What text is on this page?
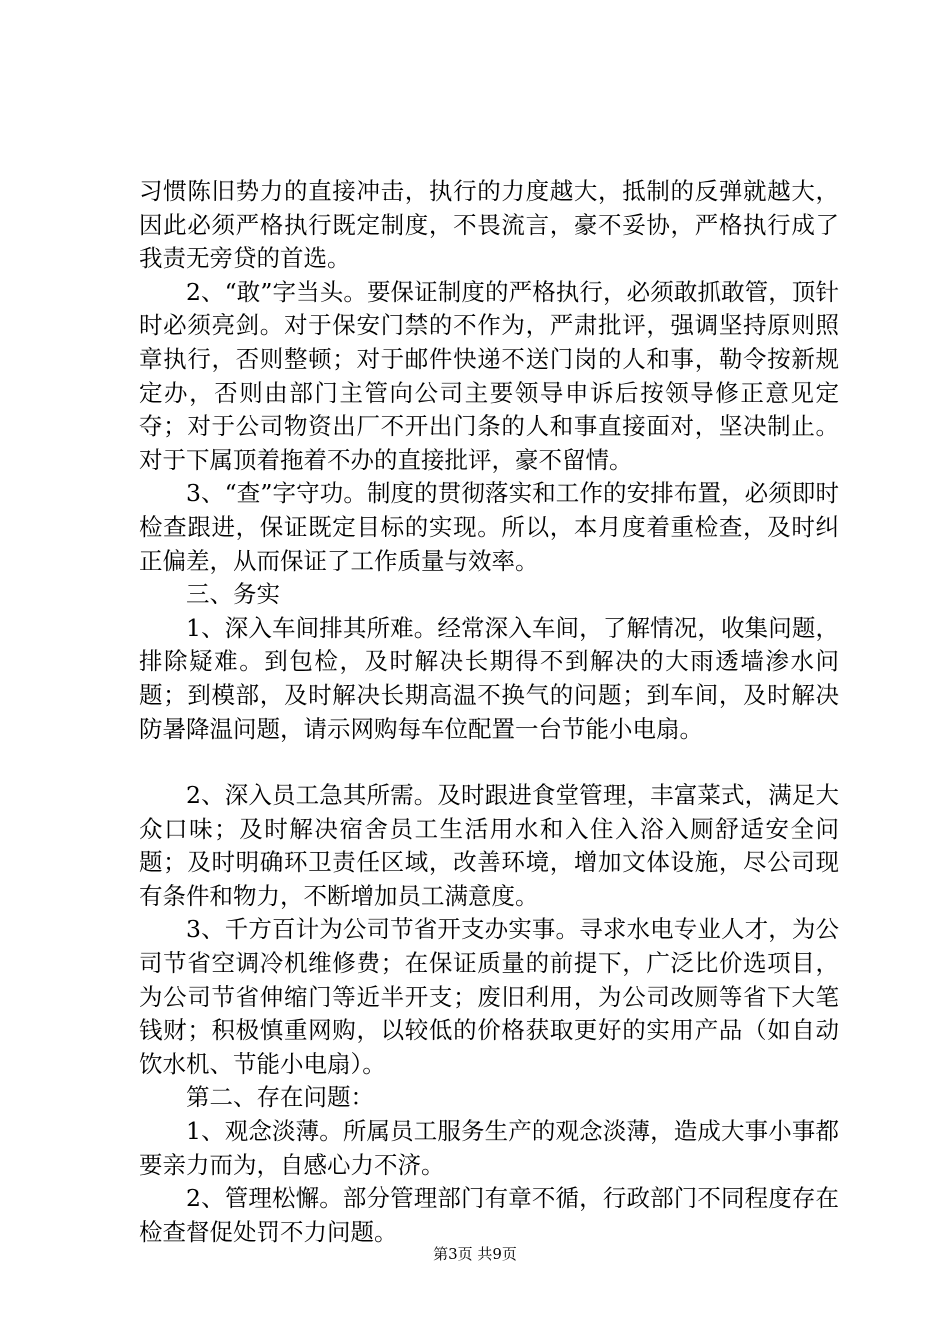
习惯陈旧势力的直接冲击，执行的力度越大，抵制的反弹就越大，因此必须严格执行既定制度，不畏流言，豪不妥协，严格执行成了我责无旁贷的首选。

2、“敢”字当头。要保证制度的严格执行，必须敢抓敢管，顶针时必须亮剑。对于保安门禁的不作为，严肃批评，强调坚持原则照章执行，否则整顿；对于邮件快递不送门岗的人和事，勒令按新规定办，否则由部门主管向公司主要领导申诉后按领导修正意见定夺；对于公司物资出厂不开出门条的人和事直接面对，坚决制止。对于下属顶着拖着不办的直接批评，豪不留情。

3、“查”字守功。制度的贯彻落实和工作的安排布置，必须即时检查跟进，保证既定目标的实现。所以，本月度着重检查，及时纠正偏差，从而保证了工作质量与效率。

三、务实

1、深入车间排其所难。经常深入车间，了解情况，收集问题，排除疑难。到包检，及时解决长期得不到解决的大雨透墙渗水问题；到模部，及时解决长期高温不换气的问题；到车间，及时解决防暑降温问题，请示网购每车位配置一台节能小电扇。

2、深入员工急其所需。及时跟进食堂管理，丰富菜式，满足大众口味；及时解决宿舍员工生活用水和入住入浴入厕舒适安全问题；及时明确环卫责任区域，改善环境，增加文体设施，尽公司现有条件和物力，不断增加员工满意度。

3、千方百计为公司节省开支办实事。寻求水电专业人才，为公司节省空调冷机维修费；在保证质量的前提下，广泛比价选项目，为公司节省伸缩门等近半开支；废旧利用，为公司改厕等省下大笔钱财；积极慎重网购，以较低的价格获取更好的实用产品（如自动饮水机、节能小电扇）。

第二、存在问题：

1、观念淡薄。所属员工服务生产的观念淡薄，造成大事小事都要亲力而为，自感心力不济。

2、管理松懈。部分管理部门有章不循，行政部门不同程度存在检查督促处罚不力问题。

第3页 共9页
